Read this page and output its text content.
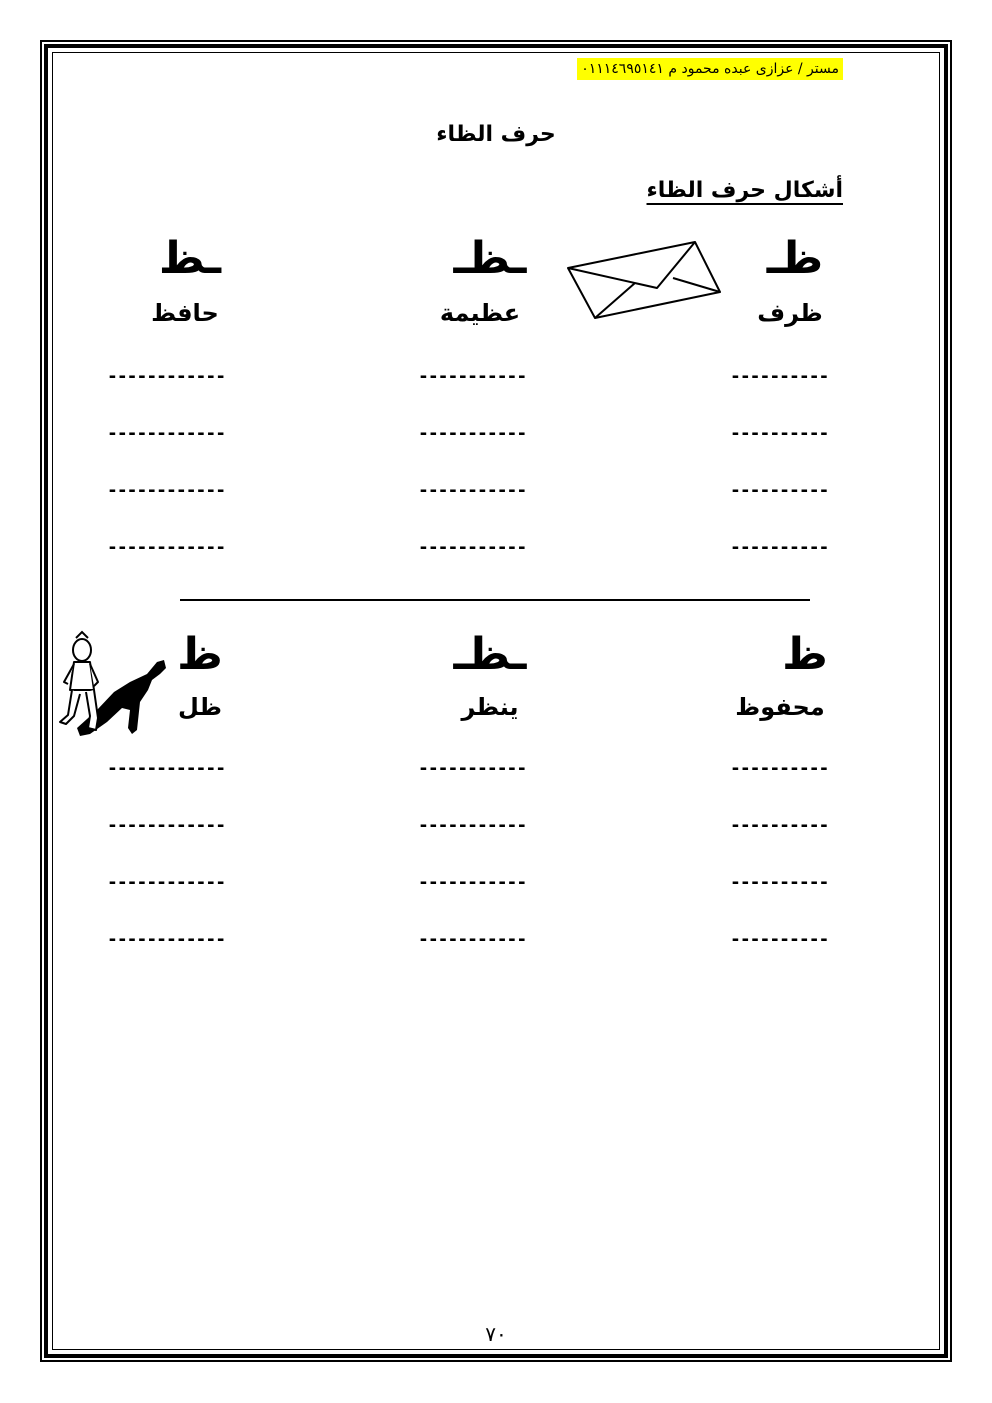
مستر / عزازى عبده محمود م ٠١١١٤٦٩٥١٤١
حرف الظاء
أشكال حرف الظاء
ظـ
ـظـ
ـظ
ظرف
عظيمة
حافظ
----------
-----------
------------
----------
-----------
------------
----------
-----------
------------
----------
-----------
------------
ظ
ـظـ
ظ
محفوظ
ينظر
ظل
----------
-----------
------------
----------
-----------
------------
----------
-----------
------------
----------
-----------
------------
٧٠
